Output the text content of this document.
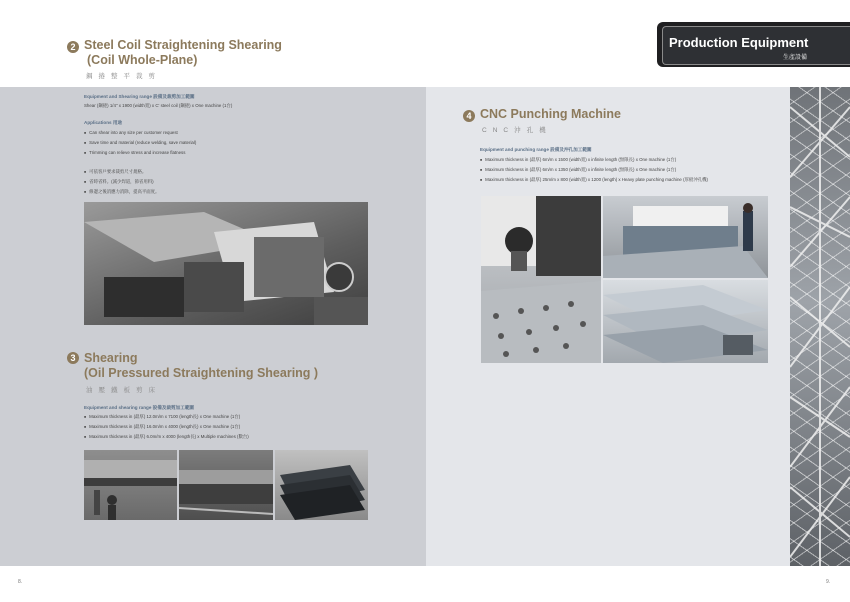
Production Equipment
生產設備
2 Steel Coil Straightening Shearing
(Coil Whole-Plane)
鋼捲整平裁剪
Equipment and Shearing range 設備及裁剪加工範圍
Shear (鋼捲) 1/4" x 1900 (width寬) x C' steel coil (鋼捲) x One machine (1台)
Applications 用途
■ Can shear into any size per customer request
■ Save time and material (reduce welding, save material)
■ Trimming can relieve stress and increase flatness
■ 可依客戶要求裁剪尺寸規格。
■ 省時省料。(減少焊道，節省用料)
■ 修邊之後消應力消除，提高平面度。
3 Shearing
(Oil Pressured Straightening Shearing )
油壓鐵板剪床
Equipment and shearing range 設備及裁剪加工範圍
■ Maximum thickness in (最厚) 12.0m/m x 7100 (length長) x One machine (1台)
■ Maximum thickness in (最厚) 16.0m/m x 4000 (length長) x One machine (1台)
■ Maximum thickness in (最厚) 6.0m/m x 4000 (length長) x Multiple machines (數台)
4 CNC Punching Machine
CNC沖孔機
Equipment and punching range 設備及沖孔加工範圍
■ Maximum thickness in (最厚) 6m/m x 1500 (width寬) x infinite length (無限長) x One machine (1台)
■ Maximum thickness in (最厚) 6m/m x 1350 (width寬) x infinite length (無限長) x One machine (1台)
■ Maximum thickness in (最厚) 25m/m x 800 (width寬) x 1200 (length) x Heavy plate punching machine (厚板沖孔機)
8.	9.
